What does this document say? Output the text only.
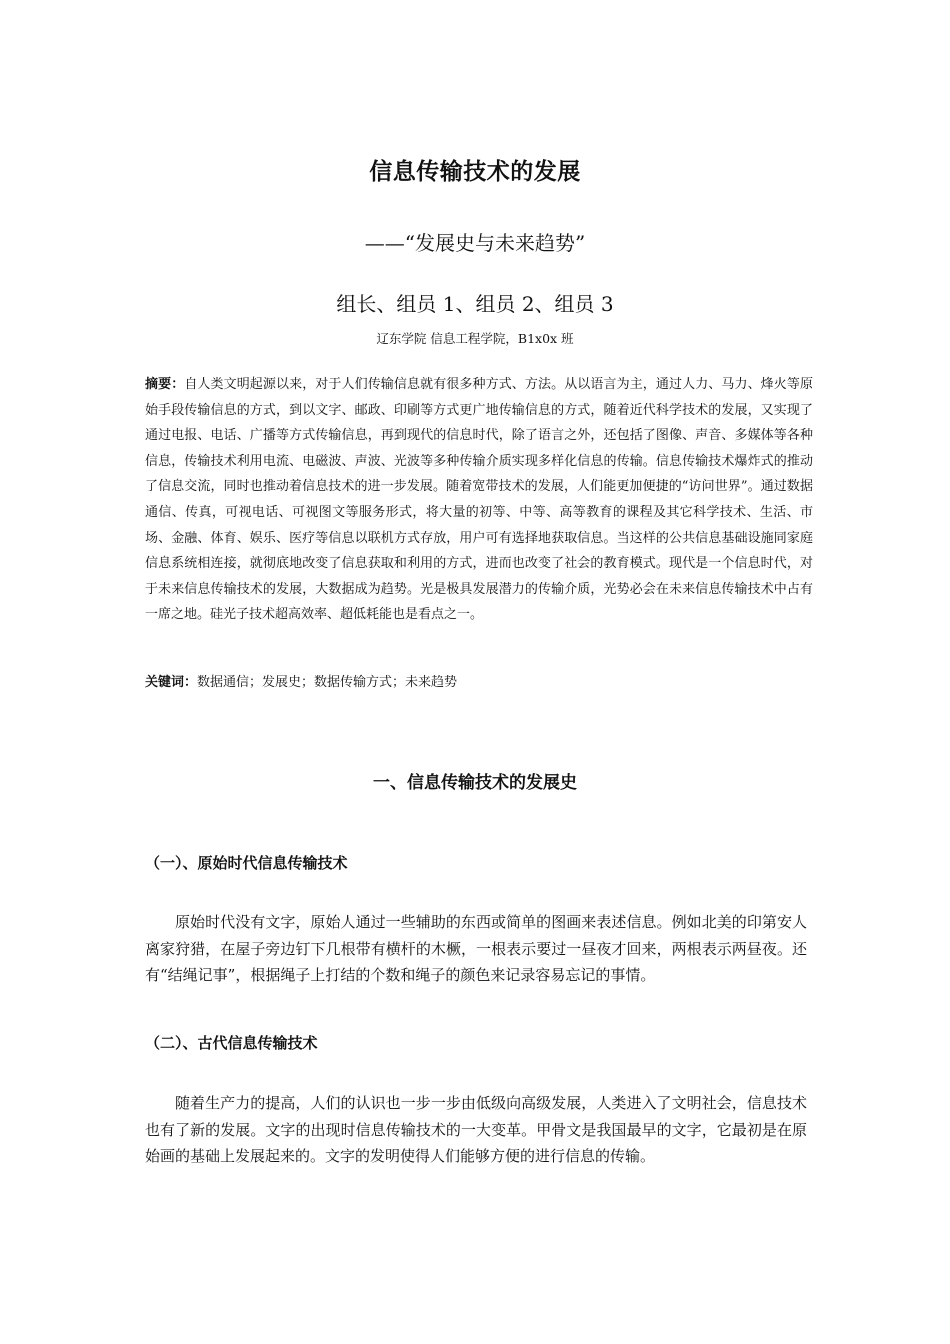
信息传输技术的发展
——“发展史与未来趋势”
组长、组员 1、组员 2、组员 3
辽东学院 信息工程学院，B1x0x 班

摘要：自人类文明起源以来，对于人们传输信息就有很多种方式、方法。从以语言为主，通过人力、马力、烽火等原始手段传输信息的方式，到以文字、邮政、印刷等方式更广地传输信息的方式，随着近代科学技术的发展，又实现了通过电报、电话、广播等方式传输信息，再到现代的信息时代，除了语言之外，还包括了图像、声音、多媒体等各种信息，传输技术利用电流、电磁波、声波、光波等多种传输介质实现多样化信息的传输。信息传输技术爆炸式的推动了信息交流，同时也推动着信息技术的进一步发展。随着宽带技术的发展，人们能更加便捷的“访问世界”。通过数据通信、传真，可视电话、可视图文等服务形式，将大量的初等、中等、高等教育的课程及其它科学技术、生活、市场、金融、体育、娱乐、医疗等信息以联机方式存放，用户可有选择地获取信息。当这样的公共信息基础设施同家庭信息系统相连接，就彻底地改变了信息获取和利用的方式，进而也改变了社会的教育模式。现代是一个信息时代，对于未来信息传输技术的发展，大数据成为趋势。光是极具发展潜力的传输介质，光势必会在未来信息传输技术中占有一席之地。硅光子技术超高效率、超低耗能也是看点之一。

关键词：数据通信；发展史；数据传输方式；未来趋势

一、信息传输技术的发展史
（一）、原始时代信息传输技术

原始时代没有文字，原始人通过一些辅助的东西或简单的图画来表述信息。例如北美的印第安人离家狩猎，在屋子旁边钉下几根带有横杆的木橛，一根表示要过一昼夜才回来，两根表示两昼夜。还有“结绳记事”，根据绳子上打结的个数和绳子的颜色来记录容易忘记的事情。

（二）、古代信息传输技术

随着生产力的提高，人们的认识也一步一步由低级向高级发展，人类进入了文明社会，信息技术也有了新的发展。文字的出现时信息传输技术的一大变革。甲骨文是我国最早的文字，它最初是在原始画的基础上发展起来的。文字的发明使得人们能够方便的进行信息的传输。
